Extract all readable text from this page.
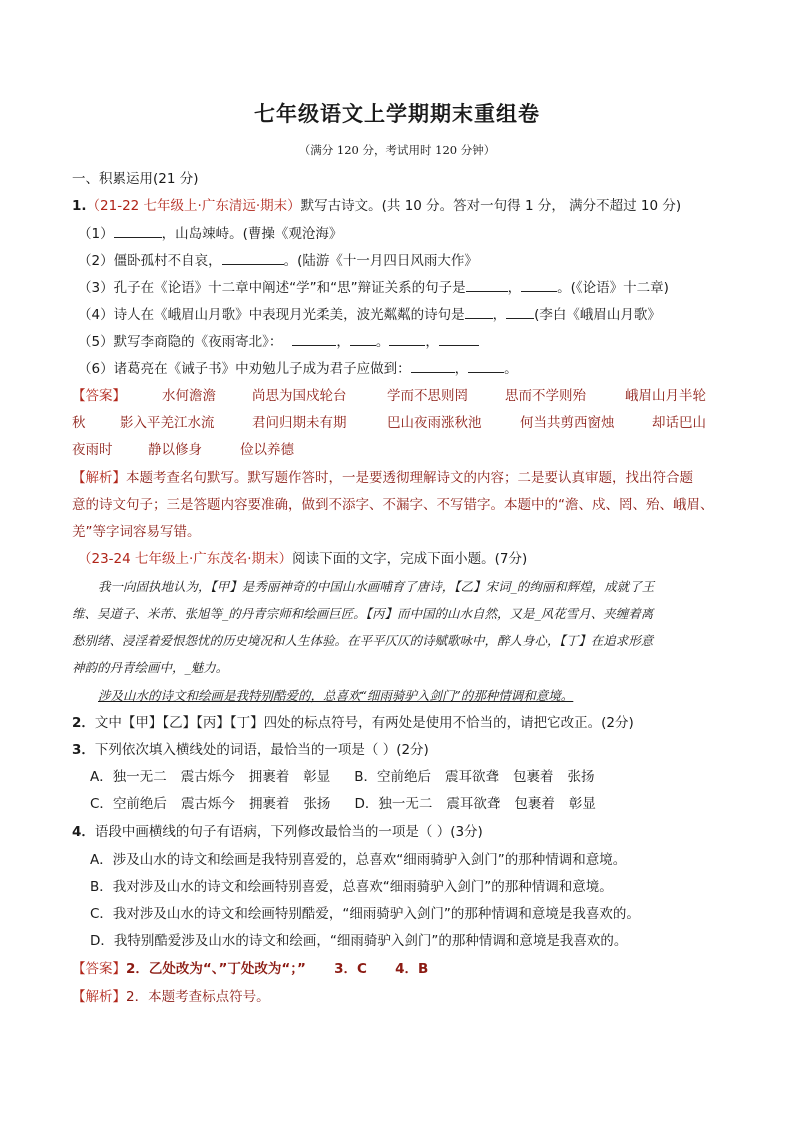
七年级语文上学期期末重组卷
（满分 120 分，考试用时 120 分钟）
一、积累运用(21 分)
1.（21-22 七年级上·广东清远·期末）默写古诗文。(共 10 分。答对一句得 1 分， 满分不超过 10 分)
（1）	，山岛竦峙。(曹操《观沧海》
（2）僵卧孤村不自哀，	。(陆游《十一月四日风雨大作》
（3）孔子在《论语》十二章中阐述“学”和“思”辩证关系的句子是	，	。(《论语》十二章)
（4）诗人在《峨眉山月歌》中表现月光柔美，波光粼粼的诗句是 ， (李白《峨眉山月歌》
（5）默写李商隐的《夜雨寄北》：	， 。	，
（6）诸葛亮在《诫子书》中劝勉儿子成为君子应做到：	，	。
【答案】	水何澹澹	尚思为国戍轮台	学而不思则罔	思而不学则殆	峨眉山月半轮
秋	影入平羌江水流	君问归期未有期	巴山夜雨涨秋池	何当共剪西窗烛	却话巴山
夜雨时	静以修身	俭以养德
【解析】本题考查名句默写。默写题作答时，一是要透彻理解诗文的内容；二是要认真审题，找出符合题
意的诗文句子；三是答题内容要准确，做到不添字、不漏字、不写错字。本题中的“澹、戍、罔、殆、峨眉、
羌”等字词容易写错。
（23-24 七年级上·广东茂名·期末）阅读下面的文字，完成下面小题。(7分)
我一向固执地认为，【甲】是秀丽神奇的中国山水画哺育了唐诗，【乙】宋词_的绚丽和辉煌，成就了王
维、吴道子、米芾、张旭等_的丹青宗师和绘画巨匠。【丙】而中国的山水自然，又是_风花雪月、夹缠着离
愁别绪、浸淫着爱恨怨忧的历史境况和人生体验。在平平仄仄的诗赋歌咏中，醉人身心，【丁】在追求形意
神韵的丹青绘画中，_魅力。
涉及山水的诗文和绘画是我特别酷爱的，总喜欢“细雨骑驴入剑门”的那种情调和意境。
2．文中【甲】【乙】【丙】【丁】四处的标点符号，有两处是使用不恰当的，请把它改正。(2分)
3．下列依次填入横线处的词语，最恰当的一项是（ ）(2分)
A．独一无二 震古烁今 拥裹着 彰显 B．空前绝后 震耳欲聋 包裹着 张扬
C．空前绝后 震古烁今 拥裹着 张扬 D．独一无二 震耳欲聋 包裹着 彰显
4．语段中画横线的句子有语病，下列修改最恰当的一项是（ ）(3分)
A．涉及山水的诗文和绘画是我特别喜爱的，总喜欢“细雨骑驴入剑门”的那种情调和意境。
B．我对涉及山水的诗文和绘画特别喜爱，总喜欢“细雨骑驴入剑门”的那种情调和意境。
C．我对涉及山水的诗文和绘画特别酷爱，“细雨骑驴入剑门”的那种情调和意境是我喜欢的。
D．我特别酷爱涉及山水的诗文和绘画，“细雨骑驴入剑门”的那种情调和意境是我喜欢的。
【答案】2．乙处改为“、”丁处改为“；”      3．C      4．B
【解析】2．本题考查标点符号。
